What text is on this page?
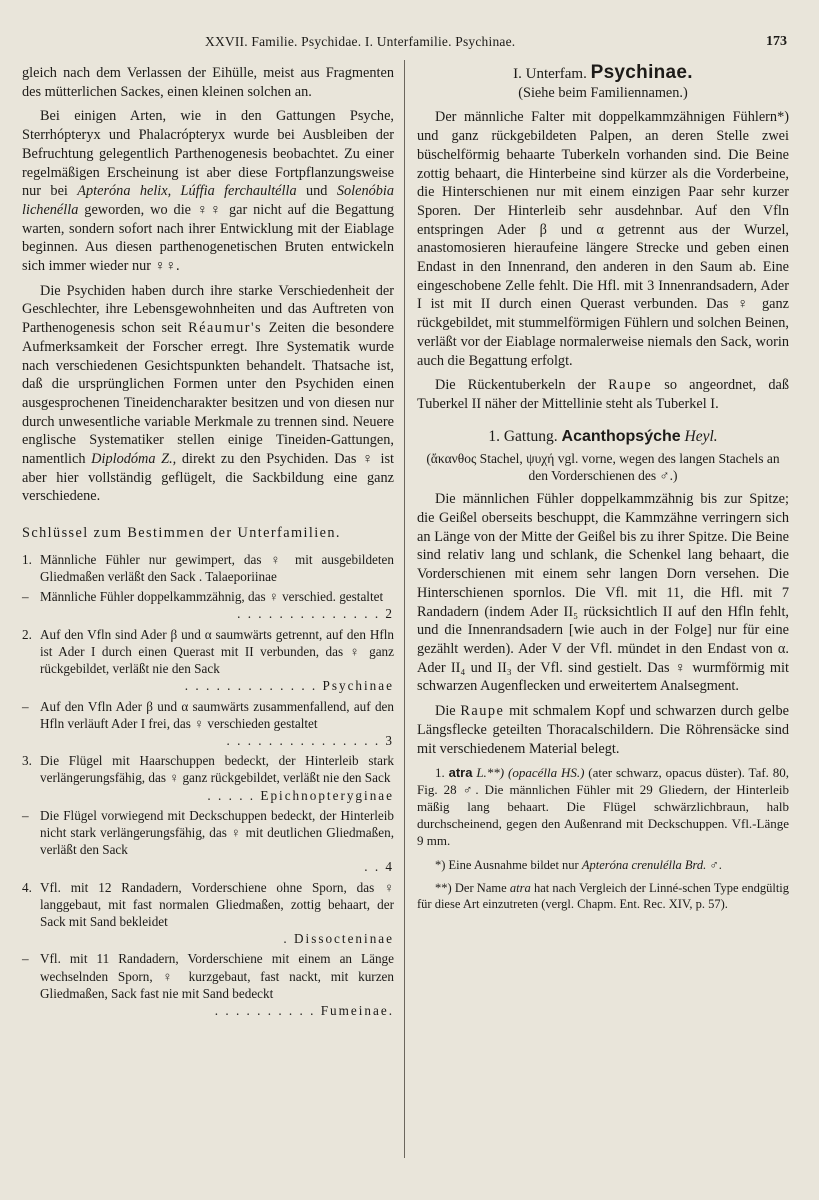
XXVII. Familie. Psychidae. I. Unterfamilie. Psychinae.	173

gleich nach dem Verlassen der Eihülle, meist aus Fragmenten des mütterlichen Sackes, einen kleinen solchen an.

Bei einigen Arten, wie in den Gattungen Psyche, Sterrhópteryx und Phalacrópteryx wurde bei Ausbleiben der Befruchtung gelegentlich Parthenogenesis beobachtet. Zu einer regelmäßigen Erscheinung ist aber diese Fortpflanzungsweise nur bei Apteróna helix, Lúffia ferchaultélla und Solenóbia lichenélla geworden, wo die ♀♀ gar nicht auf die Begattung warten, sondern sofort nach ihrer Entwicklung mit der Eiablage beginnen. Aus diesen parthenogenetischen Bruten entwickeln sich immer wieder nur ♀♀.

Die Psychiden haben durch ihre starke Verschiedenheit der Geschlechter, ihre Lebensgewohnheiten und das Auftreten von Parthenogenesis schon seit Réaumur's Zeiten die besondere Aufmerksamkeit der Forscher erregt. Ihre Systematik wurde nach verschiedenen Gesichtspunkten behandelt. Thatsache ist, daß die ursprünglichen Formen unter den Psychiden einen ausgesprochenen Tineidencharakter besitzen und von diesen nur durch unwesentliche variable Merkmale zu trennen sind. Neuere englische Systematiker stellen einige Tineiden-Gattungen, namentlich Diplodóma Z., direkt zu den Psychiden. Das ♀ ist aber hier vollständig geflügelt, die Sackbildung eine ganz verschiedene.

Schlüssel zum Bestimmen der Unterfamilien.
1. Männliche Fühler nur gewimpert, das ♀ mit ausgebildeten Gliedmaßen verläßt den Sack . Talaeporiinae
– Männliche Fühler doppelkammzähnig, das ♀ verschied. gestaltet
. . . . . . . . . . . . . . 2
2. Auf den Vfln sind Ader β und α saumwärts getrennt, auf den Hfln ist Ader I durch einen Querast mit II verbunden, das ♀ ganz rückgebildet, verläßt nie den Sack
. . . . . . . . . . . . . Psychinae
– Auf den Vfln Ader β und α saumwärts zusammenfallend, auf den Hfln verläuft Ader I frei, das ♀ verschieden gestaltet
. . . . . . . . . . . . . . . 3
3. Die Flügel mit Haarschuppen bedeckt, der Hinterleib stark verlängerungsfähig, das ♀ ganz rückgebildet, verläßt nie den Sack
. . . . . Epichnopteryginae
– Die Flügel vorwiegend mit Deckschuppen bedeckt, der Hinterleib nicht stark verlängerungsfähig, das ♀ mit deutlichen Gliedmaßen, verläßt den Sack
. . 4
4. Vfl. mit 12 Randadern, Vorderschiene ohne Sporn, das ♀ langgebaut, mit fast normalen Gliedmaßen, zottig behaart, der Sack mit Sand bekleidet
. Dissocteninae
– Vfl. mit 11 Randadern, Vorderschiene mit einem an Länge wechselnden Sporn, ♀ kurzgebaut, fast nackt, mit kurzen Gliedmaßen, Sack fast nie mit Sand bedeckt
. . . . . . . . . . Fumeinae.
I. Unterfam. Psychinae.
(Siehe beim Familiennamen.)

Der männliche Falter mit doppelkammzähnigen Fühlern*) und ganz rückgebildeten Palpen, an deren Stelle zwei büschelförmig behaarte Tuberkeln vorhanden sind. Die Beine zottig behaart, die Hinterbeine sind kürzer als die Vorderbeine, die Hinterschienen nur mit einem einzigen Paar sehr kurzer Sporen. Der Hinterleib sehr ausdehnbar. Auf den Vfln entspringen Ader β und α getrennt aus der Wurzel, anastomosieren hieraufeine längere Strecke und geben einen Endast in den Innenrand, den anderen in den Saum ab. Eine eingeschobene Zelle fehlt. Die Hfl. mit 3 Innenrandsadern, Ader I ist mit II durch einen Querast verbunden. Das ♀ ganz rückgebildet, mit stummelförmigen Fühlern und solchen Beinen, verläßt vor der Eiablage normalerweise niemals den Sack, worin auch die Begattung erfolgt.

Die Rückentuberkeln der Raupe so angeordnet, daß Tuberkel II näher der Mittellinie steht als Tuberkel I.

1. Gattung. Acanthopsýche Heyl.
(ἄκανθος Stachel, ψυχή vgl. vorne, wegen des langen Stachels an den Vorderschienen des ♂.)

Die männlichen Fühler doppelkammzähnig bis zur Spitze; die Geißel oberseits beschuppt, die Kammzähne verringern sich an Länge von der Mitte der Geißel bis zu ihrer Spitze. Die Beine sind relativ lang und schlank, die Schenkel lang behaart, die Vorderschienen mit einem sehr langen Dorn versehen. Die Hinterschienen spornlos. Die Vfl. mit 11, die Hfl. mit 7 Randadern (indem Ader II₅ rücksichtlich II auf den Hfln fehlt, und die Innenrandsadern [wie auch in der Folge] nur für eine gezählt werden). Ader V der Vfl. mündet in den Endast von α. Ader II₄ und II₃ der Vfl. sind gestielt. Das ♀ wurmförmig mit schwarzen Augenflecken und erweitertem Analsegment.

Die Raupe mit schmalem Kopf und schwarzen durch gelbe Längsflecke geteilten Thoracalschildern. Die Röhrensäcke sind mit verschiedenem Material belegt.

1. atra L.**) (opacélla HS.) (ater schwarz, opacus düster). Taf. 80, Fig. 28 ♂. Die männlichen Fühler mit 29 Gliedern, der Hinterleib mäßig lang behaart. Die Flügel schwärzlichbraun, halb durchscheinend, gegen den Außenrand mit Deckschuppen. Vfl.-Länge 9 mm.

*) Eine Ausnahme bildet nur Apteróna crenulélla Brd. ♂.

**) Der Name atra hat nach Vergleich der Linné-schen Type endgültig für diese Art einzutreten (vergl. Chapm. Ent. Rec. XIV, p. 57).
